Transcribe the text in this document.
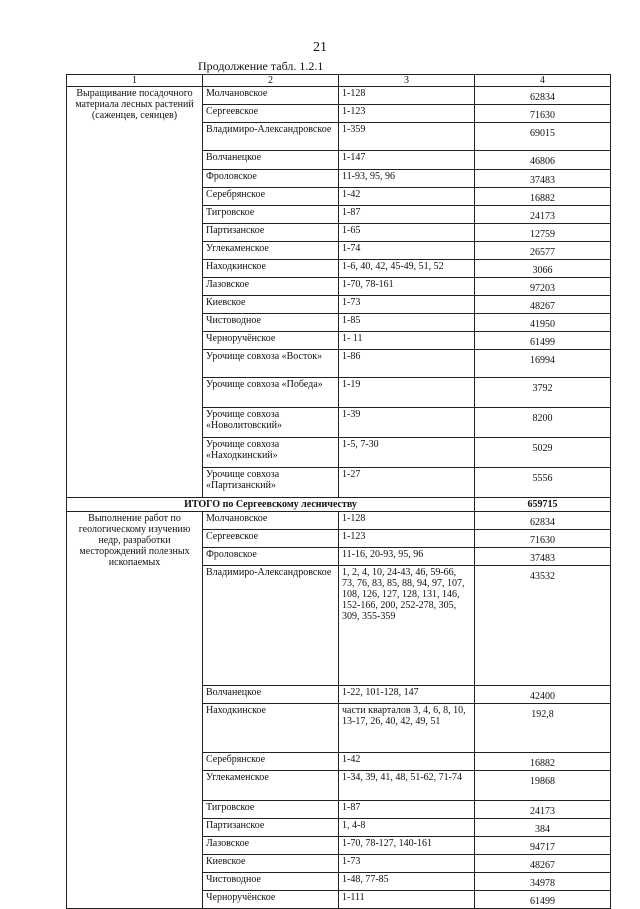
21
Продолжение табл. 1.2.1
1	2	3	4
Выращивание посадочного материала лесных растений (саженцев, сеянцев)	Молчановское	1-128	62834
	Сергеевское	1-123	71630
	Владимиро-Александровское	1-359	69015
	Волчанецкое	1-147	46806
	Фроловское	11-93, 95, 96	37483
	Серебрянское	1-42	16882
	Тигровское	1-87	24173
	Партизанское	1-65	12759
	Углекаменское	1-74	26577
	Находкинское	1-6, 40, 42, 45-49, 51, 52	3066
	Лазовское	1-70, 78-161	97203
	Киевское	1-73	48267
	Чистоводное	1-85	41950
	Черноручёнское	1- 11	61499
	Урочище совхоза «Восток»	1-86	16994
	Урочище совхоза «Победа»	1-19	3792
	Урочище совхоза «Новолитовский»	1-39	8200
	Урочище совхоза «Находкинский»	1-5, 7-30	5029
	Урочище совхоза «Партизанский»	1-27	5556
ИТОГО по Сергеевскому лесничеству			659715
Выполнение работ по геологическому изучению недр, разработки месторождений полезных ископаемых	Молчановское	1-128	62834
	Сергеевское	1-123	71630
	Фроловское	11-16, 20-93, 95, 96	37483
	Владимиро-Александровское	1, 2, 4, 10, 24-43, 46, 59-66, 73, 76, 83, 85, 88, 94, 97, 107, 108, 126, 127, 128, 131, 146, 152-166, 200, 252-278, 305, 309, 355-359	43532
	Волчанецкое	1-22, 101-128, 147	42400
	Находкинское	части кварталов 3, 4, 6, 8, 10, 13-17, 26, 40, 42, 49, 51	192,8
	Серебрянское	1-42	16882
	Углекаменское	1-34, 39, 41, 48, 51-62, 71-74	19868
	Тигровское	1-87	24173
	Партизанское	1, 4-8	384
	Лазовское	1-70, 78-127, 140-161	94717
	Киевское	1-73	48267
	Чистоводное	1-48, 77-85	34978
	Черноручёнское	1-111	61499
